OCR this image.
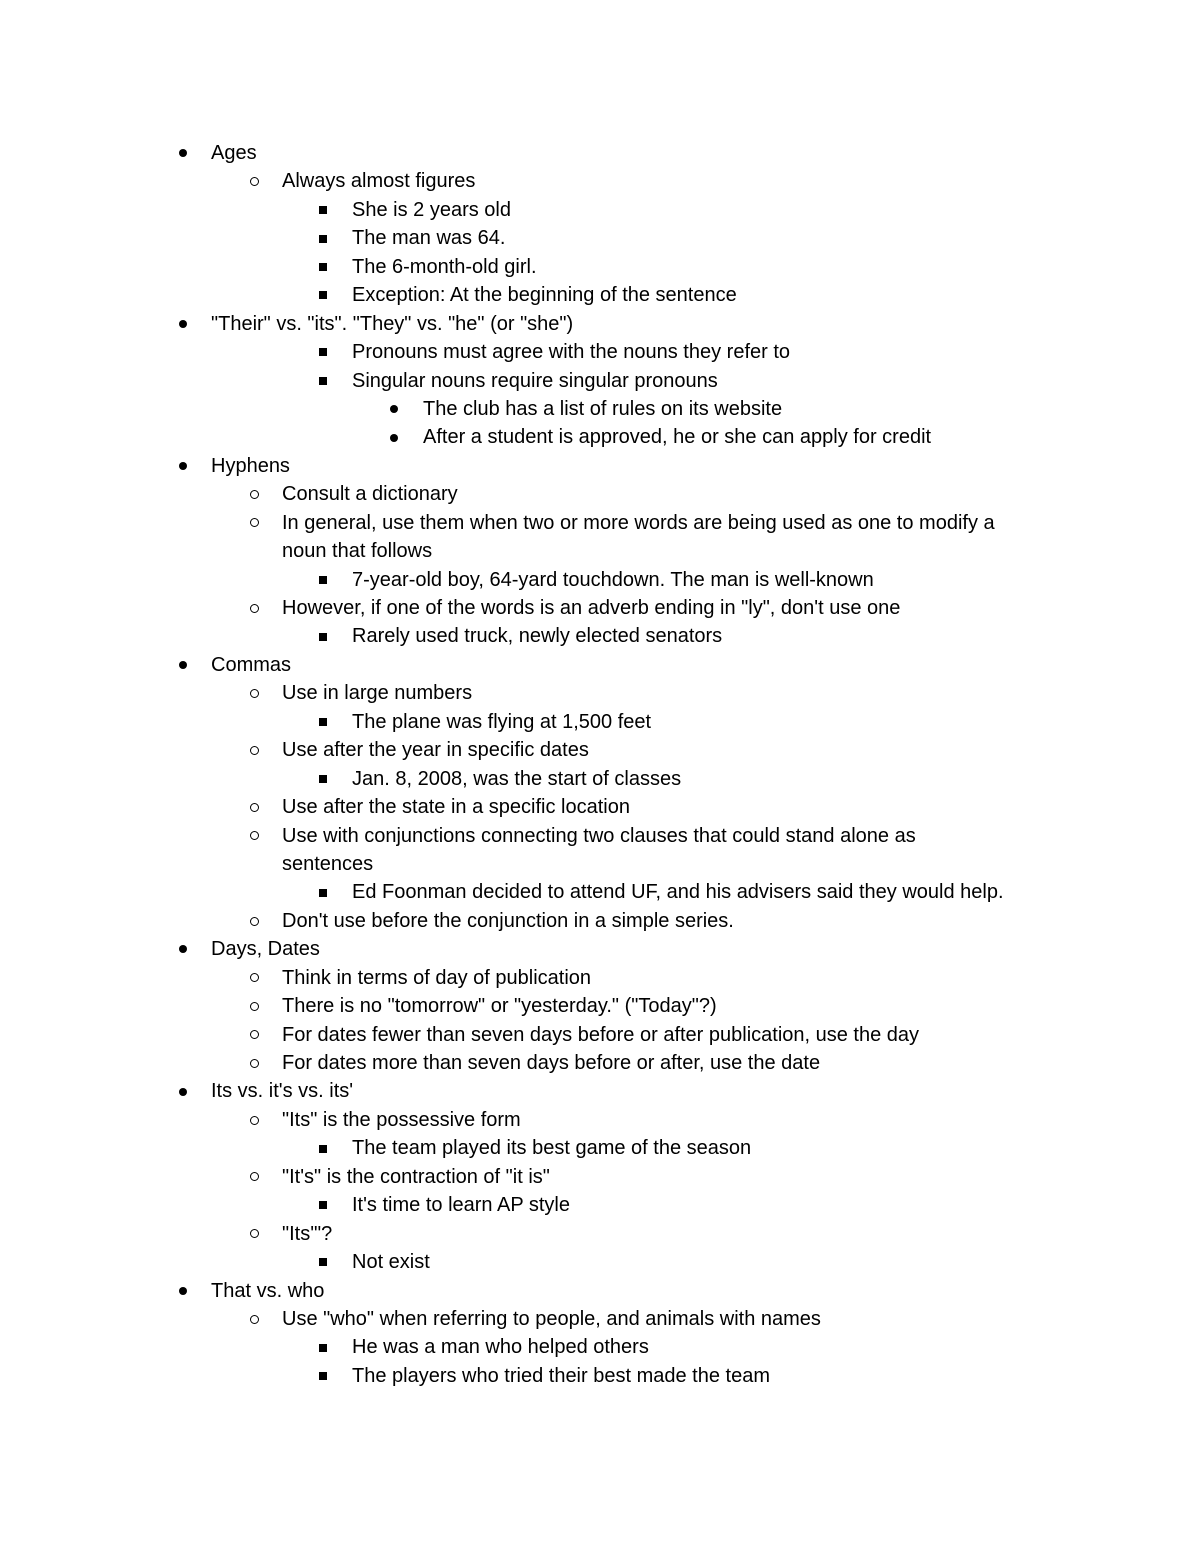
Ages
Always almost figures
She is 2 years old
The man was 64.
The 6-month-old girl.
Exception: At the beginning of the sentence
"Their" vs. "its". "They" vs. "he" (or "she")
Pronouns must agree with the nouns they refer to
Singular nouns require singular pronouns
The club has a list of rules on its website
After a student is approved, he or she can apply for credit
Hyphens
Consult a dictionary
In general, use them when two or more words are being used as one to modify a
noun that follows
7-year-old boy, 64-yard touchdown. The man is well-known
However, if one of the words is an adverb ending in "ly", don't use one
Rarely used truck, newly elected senators
Commas
Use in large numbers
The plane was flying at 1,500 feet
Use after the year in specific dates
Jan. 8, 2008, was the start of classes
Use after the state in a specific location
Use with conjunctions connecting two clauses that could stand alone as
sentences
Ed Foonman decided to attend UF, and his advisers said they would help.
Don't use before the conjunction in a simple series.
Days, Dates
Think in terms of day of publication
There is no "tomorrow" or "yesterday." ("Today"?)
For dates fewer than seven days before or after publication, use the day
For dates more than seven days before or after, use the date
Its vs. it's vs. its'
"Its" is the possessive form
The team played its best game of the season
"It's" is the contraction of "it is"
It's time to learn AP style
"Its'"?
Not exist
That vs. who
Use "who" when referring to people, and animals with names
He was a man who helped others
The players who tried their best made the team
